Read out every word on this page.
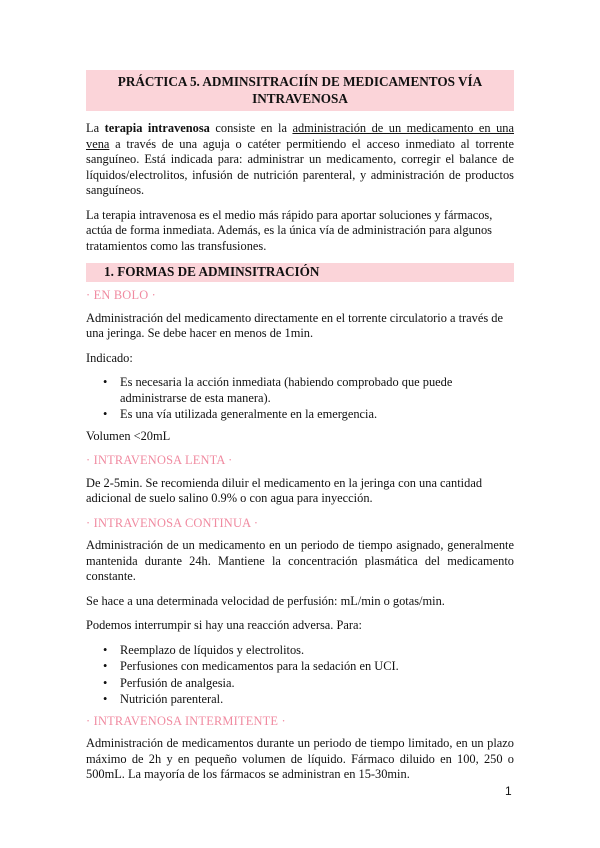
PRÁCTICA 5. ADMINSITRACIÍN DE MEDICAMENTOS VÍA INTRAVENOSA

La terapia intravenosa consiste en la administración de un medicamento en una vena a través de una aguja o catéter permitiendo el acceso inmediato al torrente sanguíneo. Está indicada para: administrar un medicamento, corregir el balance de líquidos/electrolitos, infusión de nutrición parenteral, y administración de productos sanguíneos.

La terapia intravenosa es el medio más rápido para aportar soluciones y fármacos, actúa de forma inmediata. Además, es la única vía de administración para algunos tratamientos como las transfusiones.

1. FORMAS DE ADMINSITRACIÓN

· EN BOLO ·

Administración del medicamento directamente en el torrente circulatorio a través de una jeringa. Se debe hacer en menos de 1min.

Indicado:

• Es necesaria la acción inmediata (habiendo comprobado que puede administrarse de esta manera).
• Es una vía utilizada generalmente en la emergencia.

Volumen <20mL

· INTRAVENOSA LENTA ·

De 2-5min. Se recomienda diluir el medicamento en la jeringa con una cantidad adicional de suelo salino 0.9% o con agua para inyección.

· INTRAVENOSA CONTINUA ·

Administración de un medicamento en un periodo de tiempo asignado, generalmente mantenida durante 24h. Mantiene la concentración plasmática del medicamento constante.

Se hace a una determinada velocidad de perfusión: mL/min o gotas/min.

Podemos interrumpir si hay una reacción adversa. Para:

• Reemplazo de líquidos y electrolitos.
• Perfusiones con medicamentos para la sedación en UCI.
• Perfusión de analgesia.
• Nutrición parenteral.

· INTRAVENOSA INTERMITENTE ·

Administración de medicamentos durante un periodo de tiempo limitado, en un plazo máximo de 2h y en pequeño volumen de líquido. Fármaco diluido en 100, 250 o 500mL. La mayoría de los fármacos se administran en 15-30min.

1
